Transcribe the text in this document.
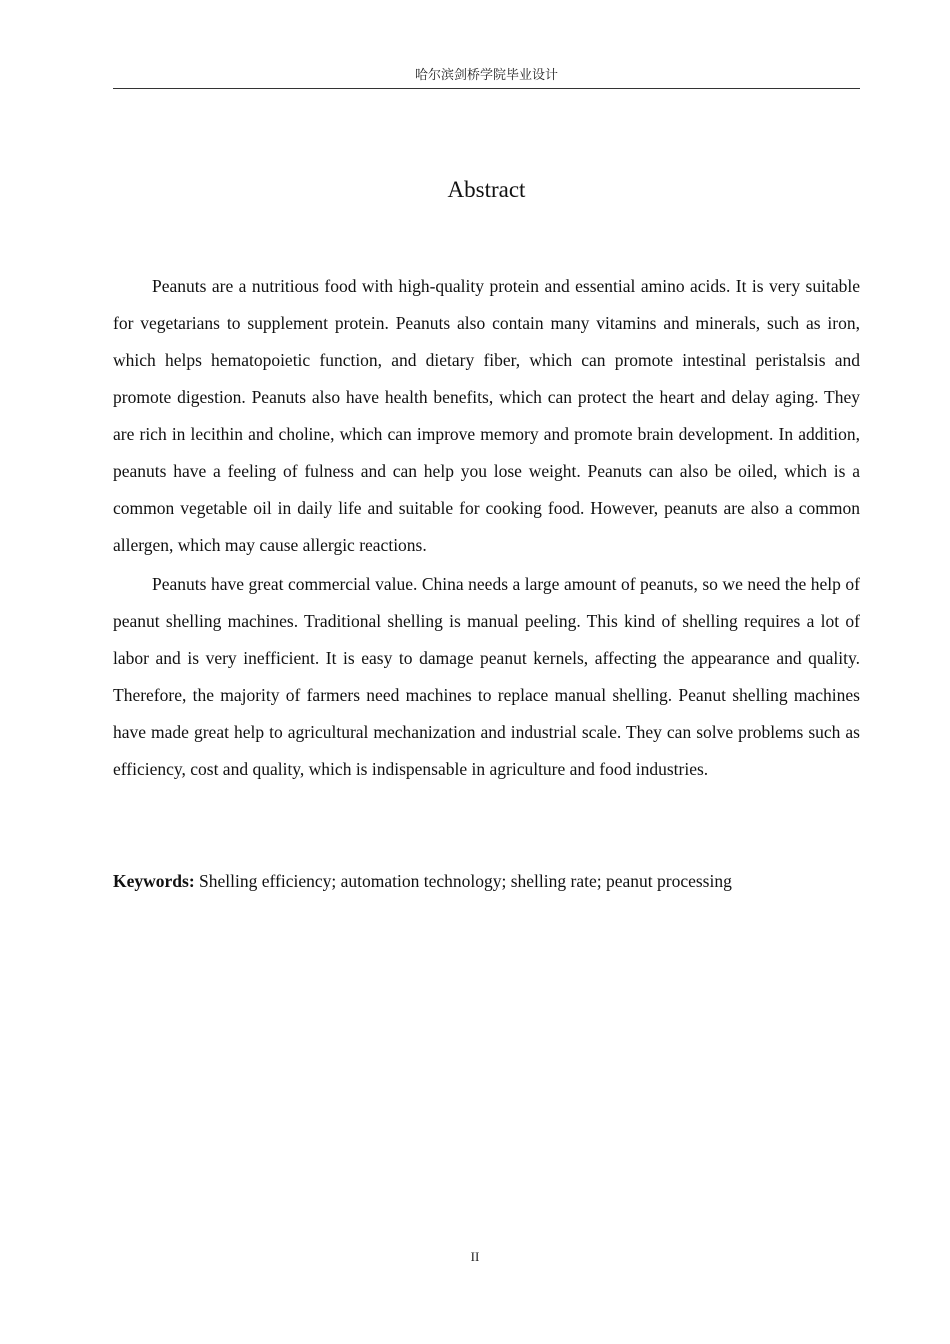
哈尔滨剑桥学院毕业设计
Abstract

Peanuts are a nutritious food with high-quality protein and essential amino acids. It is very suitable for vegetarians to supplement protein. Peanuts also contain many vitamins and minerals, such as iron, which helps hematopoietic function, and dietary fiber, which can promote intestinal peristalsis and promote digestion. Peanuts also have health benefits, which can protect the heart and delay aging. They are rich in lecithin and choline, which can improve memory and promote brain development. In addition, peanuts have a feeling of fulness and can help you lose weight. Peanuts can also be oiled, which is a common vegetable oil in daily life and suitable for cooking food. However, peanuts are also a common allergen, which may cause allergic reactions.

Peanuts have great commercial value. China needs a large amount of peanuts, so we need the help of peanut shelling machines. Traditional shelling is manual peeling. This kind of shelling requires a lot of labor and is very inefficient. It is easy to damage peanut kernels, affecting the appearance and quality. Therefore, the majority of farmers need machines to replace manual shelling. Peanut shelling machines have made great help to agricultural mechanization and industrial scale. They can solve problems such as efficiency, cost and quality, which is indispensable in agriculture and food industries.

Keywords: Shelling efficiency; automation technology; shelling rate; peanut processing
II
